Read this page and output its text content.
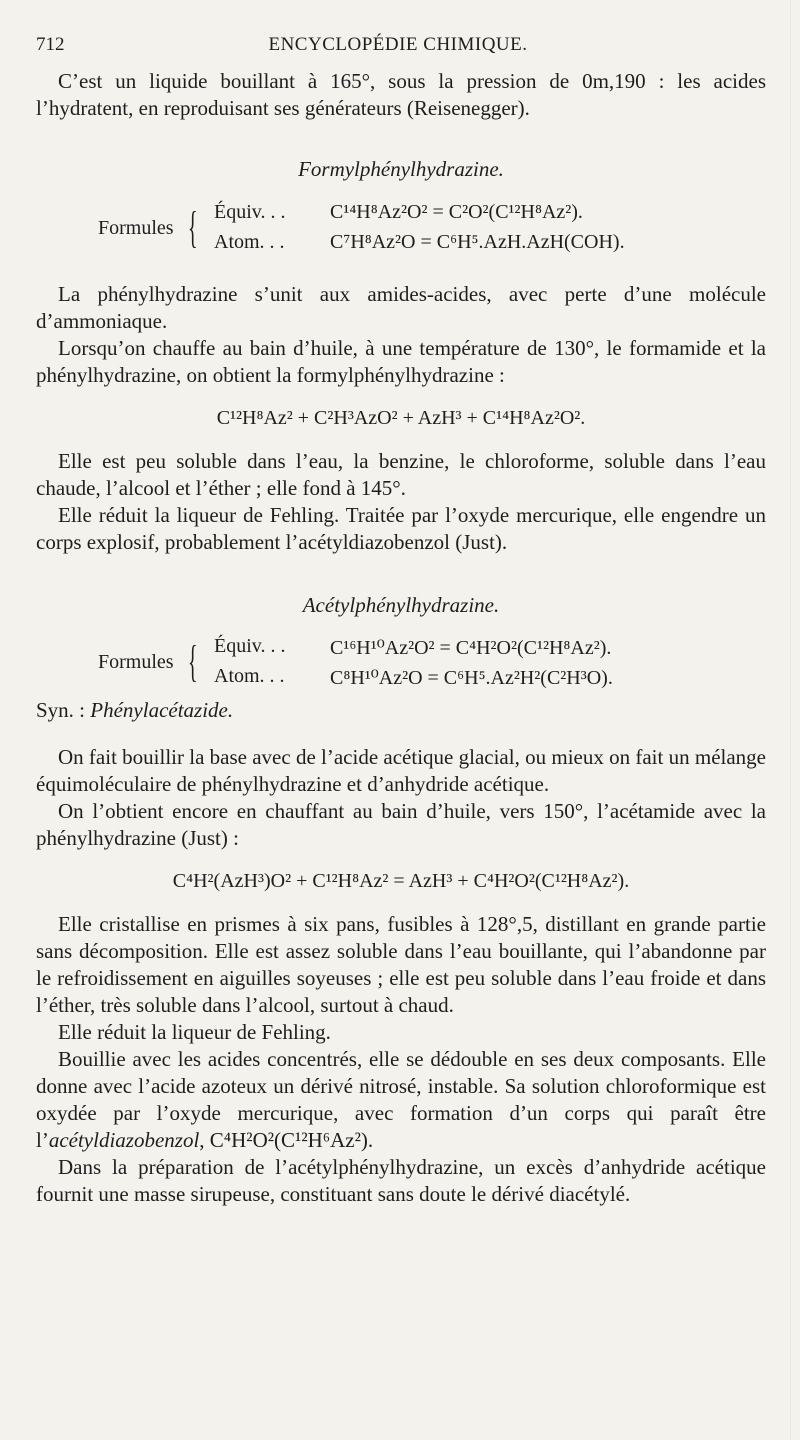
712	ENCYCLOPÉDIE CHIMIQUE.

C’est un liquide bouillant à 165°, sous la pression de 0m,190 : les acides l’hydratent, en reproduisant ses générateurs (Reisenegger).

Formylphénylhydrazine.

Formules { Équiv. . . C¹⁴H⁸Az²O² = C²O²(C¹²H⁸Az²).
Atom. . . C⁷H⁸Az²O = C⁶H⁵.AzH.AzH(COH).

La phénylhydrazine s’unit aux amides-acides, avec perte d’une molécule d’ammoniaque.

Lorsqu’on chauffe au bain d’huile, à une température de 130°, le formamide et la phénylhydrazine, on obtient la formylphénylhydrazine :

C¹²H⁸Az² + C²H³AzO² + AzH³ + C¹⁴H⁸Az²O².

Elle est peu soluble dans l’eau, la benzine, le chloroforme, soluble dans l’eau chaude, l’alcool et l’éther ; elle fond à 145°.

Elle réduit la liqueur de Fehling. Traitée par l’oxyde mercurique, elle engendre un corps explosif, probablement l’acétyldiazobenzol (Just).

Acétylphénylhydrazine.

Formules { Équiv. . . C¹⁶H¹⁰Az²O² = C⁴H²O²(C¹²H⁸Az²).
Atom. . . C⁸H¹⁰Az²O = C⁶H⁵.Az²H²(C²H³O).

Syn. : Phénylacétazide.

On fait bouillir la base avec de l’acide acétique glacial, ou mieux on fait un mélange équimoléculaire de phénylhydrazine et d’anhydride acétique.

On l’obtient encore en chauffant au bain d’huile, vers 150°, l’acétamide avec la phénylhydrazine (Just) :

C⁴H²(AzH³)O² + C¹²H⁸Az² = AzH³ + C⁴H²O²(C¹²H⁸Az²).

Elle cristallise en prismes à six pans, fusibles à 128°,5, distillant en grande partie sans décomposition. Elle est assez soluble dans l’eau bouillante, qui l’abandonne par le refroidissement en aiguilles soyeuses ; elle est peu soluble dans l’eau froide et dans l’éther, très soluble dans l’alcool, surtout à chaud.

Elle réduit la liqueur de Fehling.

Bouillie avec les acides concentrés, elle se dédouble en ses deux composants. Elle donne avec l’acide azoteux un dérivé nitrosé, instable. Sa solution chloroformique est oxydée par l’oxyde mercurique, avec formation d’un corps qui paraît être l’acétyldiazobenzol, C⁴H²O²(C¹²H⁶Az²).

Dans la préparation de l’acétylphénylhydrazine, un excès d’anhydride acétique fournit une masse sirupeuse, constituant sans doute le dérivé diacétylé.
